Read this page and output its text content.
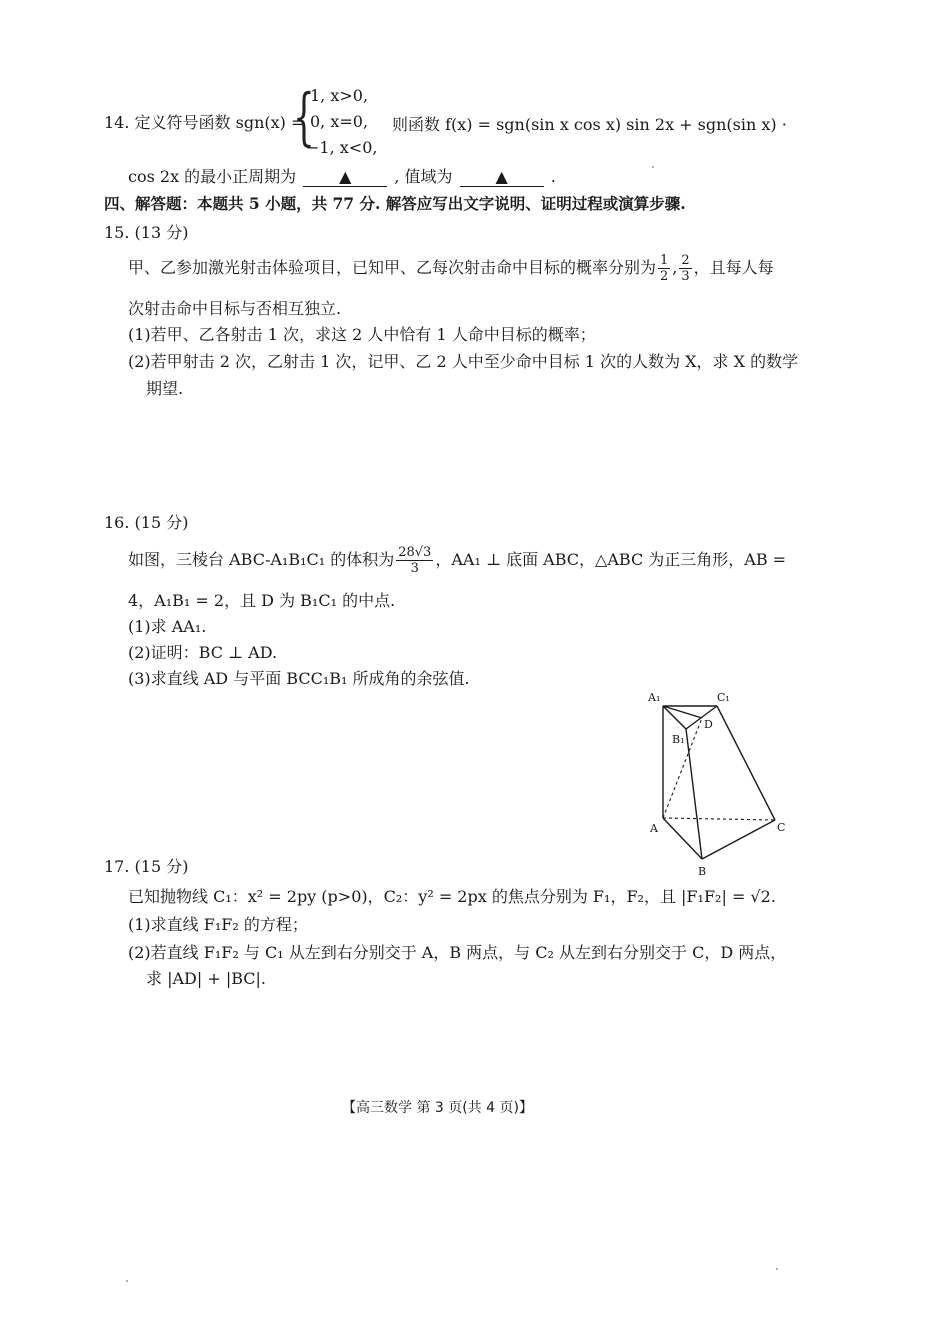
14. 定义符号函数 sgn(x) =
{
1, x>0,
0, x=0,
−1, x<0,
则函数 f(x) = sgn(sin x cos x) sin 2x + sgn(sin x) ·
cos 2x 的最小正周期为	▲	, 值域为	▲	.
四、解答题：本题共 5 小题，共 77 分. 解答应写出文字说明、证明过程或演算步骤.
15. (13 分)
甲、乙参加激光射击体验项目，已知甲、乙每次射击命中目标的概率分别为 $\frac{1}{2}$ , $\frac{2}{3}$ ，且每人每
次射击命中目标与否相互独立.
(1)若甲、乙各射击 1 次，求这 2 人中恰有 1 人命中目标的概率；
(2)若甲射击 2 次，乙射击 1 次，记甲、乙 2 人中至少命中目标 1 次的人数为 X，求 X 的数学
期望.
16. (15 分)
如图，三棱台 ABC-A₁B₁C₁ 的体积为 $\frac{28√3}{3}$ ，AA₁ ⊥ 底面 ABC，△ABC 为正三角形，AB =
4，A₁B₁ = 2，且 D 为 B₁C₁ 的中点.
(1)求 AA₁.
(2)证明：BC ⊥ AD.
(3)求直线 AD 与平面 BCC₁B₁ 所成角的余弦值.
A₁	C₁
B₁
D
A
B
C
17. (15 分)
已知抛物线 C₁：x² = 2py (p>0)，C₂：y² = 2px 的焦点分别为 F₁，F₂，且 |F₁F₂| = √2.
(1)求直线 F₁F₂ 的方程；
(2)若直线 F₁F₂ 与 C₁ 从左到右分别交于 A，B 两点，与 C₂ 从左到右分别交于 C，D 两点，
求 |AD| + |BC|.
【高三数学 第 3 页(共 4 页)】
